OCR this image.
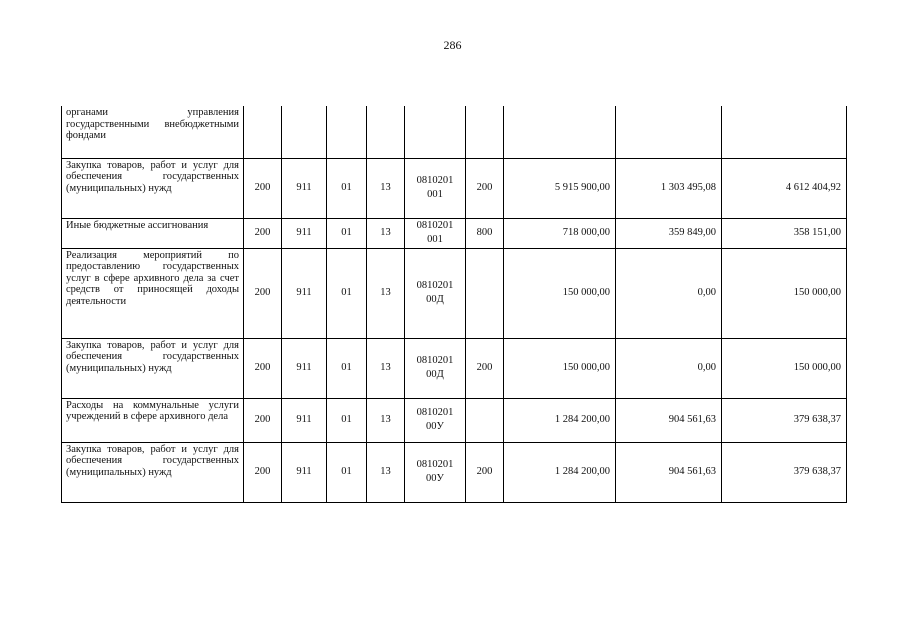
286
органами управления государственными внебюджетными фондами									
Закупка товаров, работ и услуг для обеспечения государственных (муниципальных) нужд	200	911	01	13	0810201 001	200	5 915 900,00	1 303 495,08	4 612 404,92
Иные бюджетные ассигнования	200	911	01	13	0810201 001	800	718 000,00	359 849,00	358 151,00
Реализация мероприятий по предоставлению государственных услуг в сфере архивного дела за счет средств от приносящей доходы деятельности	200	911	01	13	0810201 00Д		150 000,00	0,00	150 000,00
Закупка товаров, работ и услуг для обеспечения государственных (муниципальных) нужд	200	911	01	13	0810201 00Д	200	150 000,00	0,00	150 000,00
Расходы на коммунальные услуги учреждений в сфере архивного дела	200	911	01	13	0810201 00У		1 284 200,00	904 561,63	379 638,37
Закупка товаров, работ и услуг для обеспечения государственных (муниципальных) нужд	200	911	01	13	0810201 00У	200	1 284 200,00	904 561,63	379 638,37
